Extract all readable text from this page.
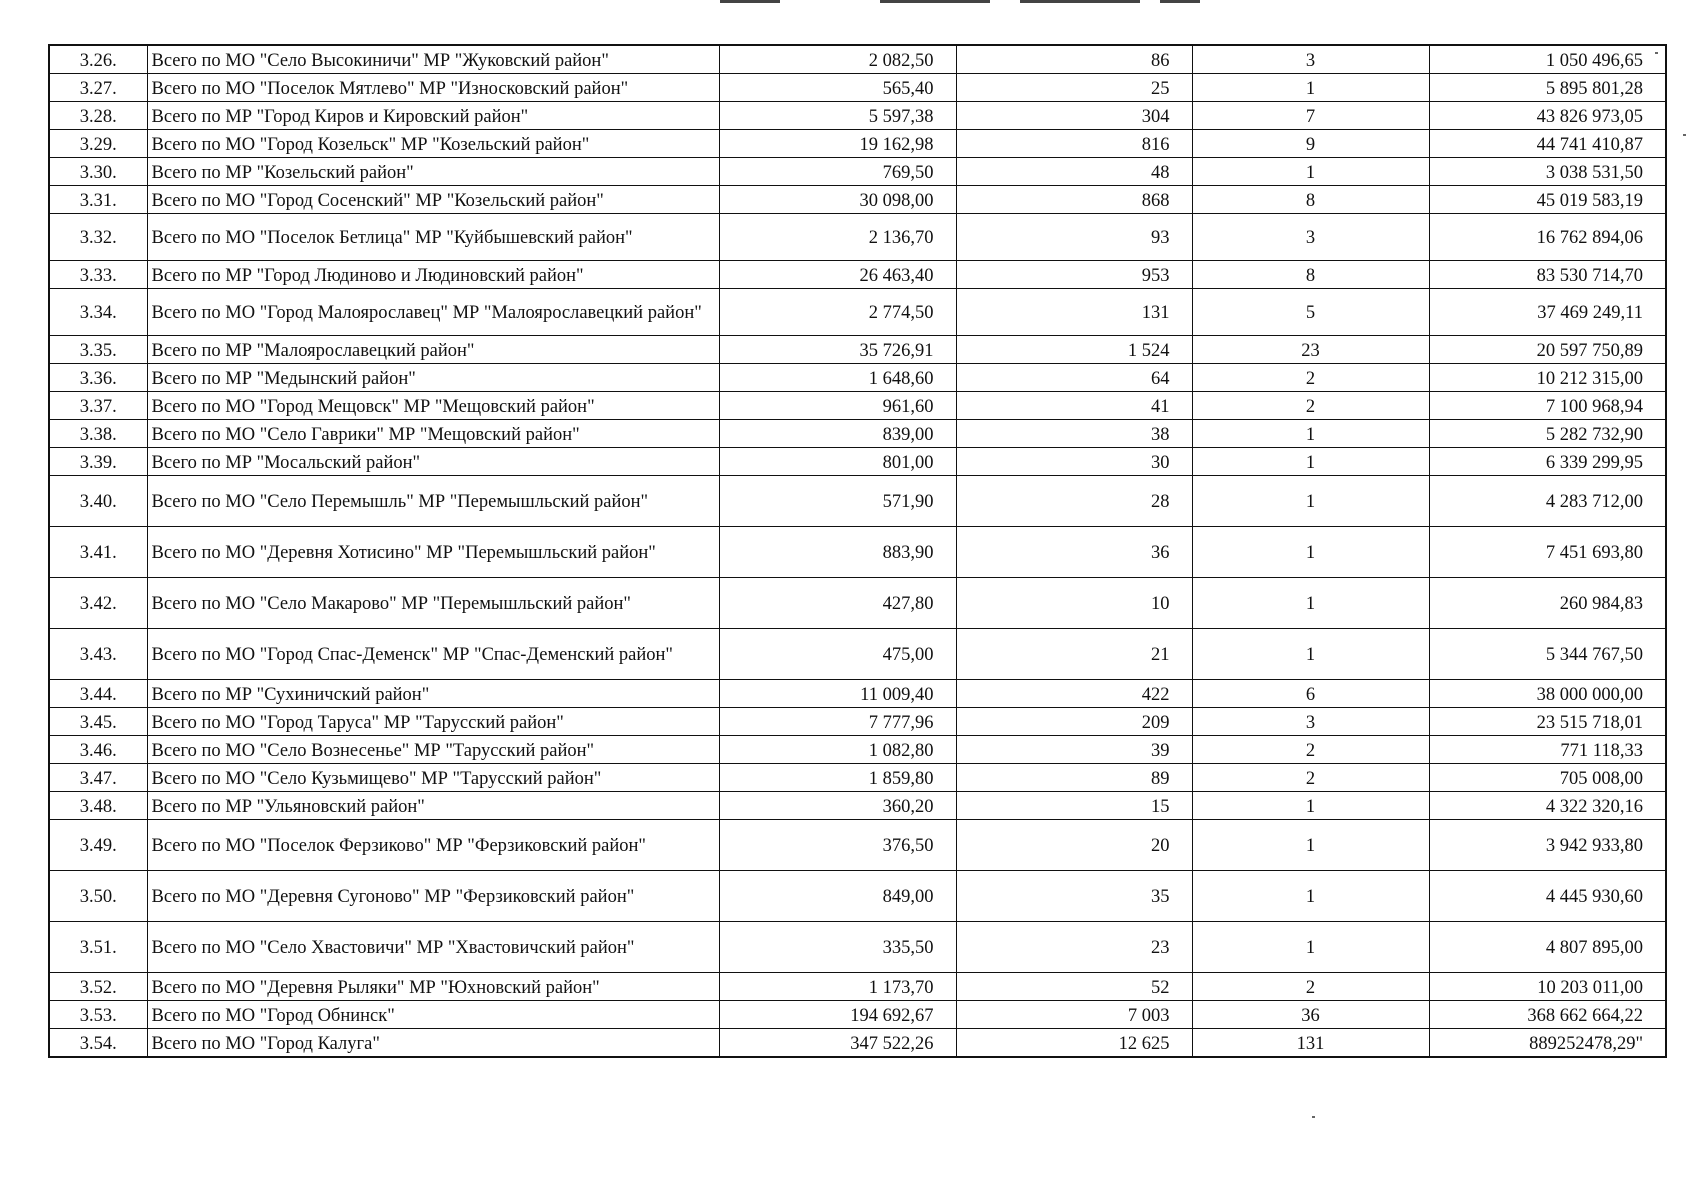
3.26.	Всего по МО "Село Высокиничи" МР "Жуковский район"	2 082,50	86	3	1 050 496,65
3.27.	Всего по МО "Поселок Мятлево" МР "Износковский район"	565,40	25	1	5 895 801,28
3.28.	Всего по МР "Город Киров и Кировский район"	5 597,38	304	7	43 826 973,05
3.29.	Всего по МО "Город Козельск" МР "Козельский район"	19 162,98	816	9	44 741 410,87
3.30.	Всего по МР "Козельский район"	769,50	48	1	3 038 531,50
3.31.	Всего по МО "Город Сосенский" МР "Козельский район"	30 098,00	868	8	45 019 583,19
3.32.	Всего по МО "Поселок Бетлица" МР "Куйбышевский район"	2 136,70	93	3	16 762 894,06
3.33.	Всего по МР "Город Людиново и Людиновский район"	26 463,40	953	8	83 530 714,70
3.34.	Всего по МО "Город Малоярославец" МР "Малоярославецкий район"	2 774,50	131	5	37 469 249,11
3.35.	Всего по МР "Малоярославецкий район"	35 726,91	1 524	23	20 597 750,89
3.36.	Всего по МР "Медынский район"	1 648,60	64	2	10 212 315,00
3.37.	Всего по МО "Город Мещовск" МР "Мещовский район"	961,60	41	2	7 100 968,94
3.38.	Всего по МО "Село Гаврики" МР "Мещовский район"	839,00	38	1	5 282 732,90
3.39.	Всего по МР "Мосальский район"	801,00	30	1	6 339 299,95
3.40.	Всего по МО "Село Перемышль" МР "Перемышльский район"	571,90	28	1	4 283 712,00
3.41.	Всего по МО "Деревня Хотисино" МР "Перемышльский район"	883,90	36	1	7 451 693,80
3.42.	Всего по МО "Село Макарово" МР "Перемышльский район"	427,80	10	1	260 984,83
3.43.	Всего по МО "Город Спас-Деменск" МР "Спас-Деменский район"	475,00	21	1	5 344 767,50
3.44.	Всего по МР "Сухиничский район"	11 009,40	422	6	38 000 000,00
3.45.	Всего по МО "Город Таруса" МР "Тарусский район"	7 777,96	209	3	23 515 718,01
3.46.	Всего по МО "Село Вознесенье" МР "Тарусский район"	1 082,80	39	2	771 118,33
3.47.	Всего по МО "Село Кузьмищево" МР "Тарусский район"	1 859,80	89	2	705 008,00
3.48.	Всего по МР "Ульяновский район"	360,20	15	1	4 322 320,16
3.49.	Всего по МО "Поселок Ферзиково" МР "Ферзиковский район"	376,50	20	1	3 942 933,80
3.50.	Всего по МО "Деревня Сугоново" МР "Ферзиковский район"	849,00	35	1	4 445 930,60
3.51.	Всего по МО "Село Хвастовичи" МР "Хвастовичский район"	335,50	23	1	4 807 895,00
3.52.	Всего по МО "Деревня Рыляки" МР "Юхновский район"	1 173,70	52	2	10 203 011,00
3.53.	Всего по МО "Город Обнинск"	194 692,67	7 003	36	368 662 664,22
3.54.	Всего по МО "Город Калуга"	347 522,26	12 625	131	889252478,29"
